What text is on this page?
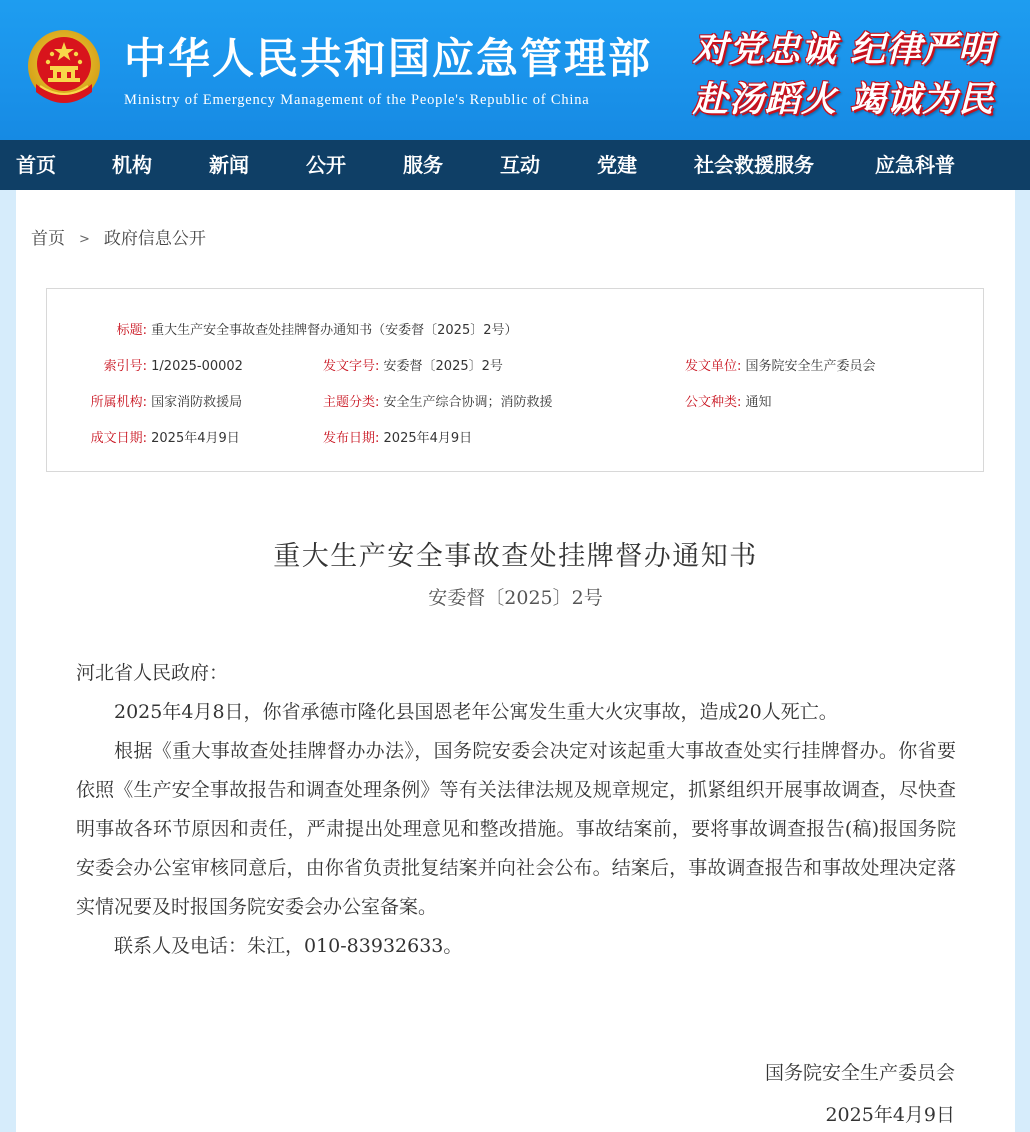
中华人民共和国应急管理部
Ministry of Emergency Management of the People's Republic of China
对党忠诚 纪律严明
赴汤蹈火 竭诚为民
首页	机构	新闻	公开	服务	互动	党建	社会救援服务	应急科普
首页 > 政府信息公开
标题: 重大生产安全事故查处挂牌督办通知书（安委督〔2025〕2号）
索引号: 1/2025-00002	发文字号: 安委督〔2025〕2号	发文单位: 国务院安全生产委员会
所属机构: 国家消防救援局	主题分类: 安全生产综合协调；消防救援	公文种类: 通知
成文日期: 2025年4月9日	发布日期: 2025年4月9日
重大生产安全事故查处挂牌督办通知书
安委督〔2025〕2号

河北省人民政府：

2025年4月8日，你省承德市隆化县国恩老年公寓发生重大火灾事故，造成20人死亡。

根据《重大事故查处挂牌督办办法》，国务院安委会决定对该起重大事故查处实行挂牌督办。你省要依照《生产安全事故报告和调查处理条例》等有关法律法规及规章规定，抓紧组织开展事故调查，尽快查明事故各环节原因和责任，严肃提出处理意见和整改措施。事故结案前，要将事故调查报告(稿)报国务院安委会办公室审核同意后，由你省负责批复结案并向社会公布。结案后，事故调查报告和事故处理决定落实情况要及时报国务院安委会办公室备案。

联系人及电话：朱江，010-83932633。

国务院安全生产委员会
2025年4月9日
